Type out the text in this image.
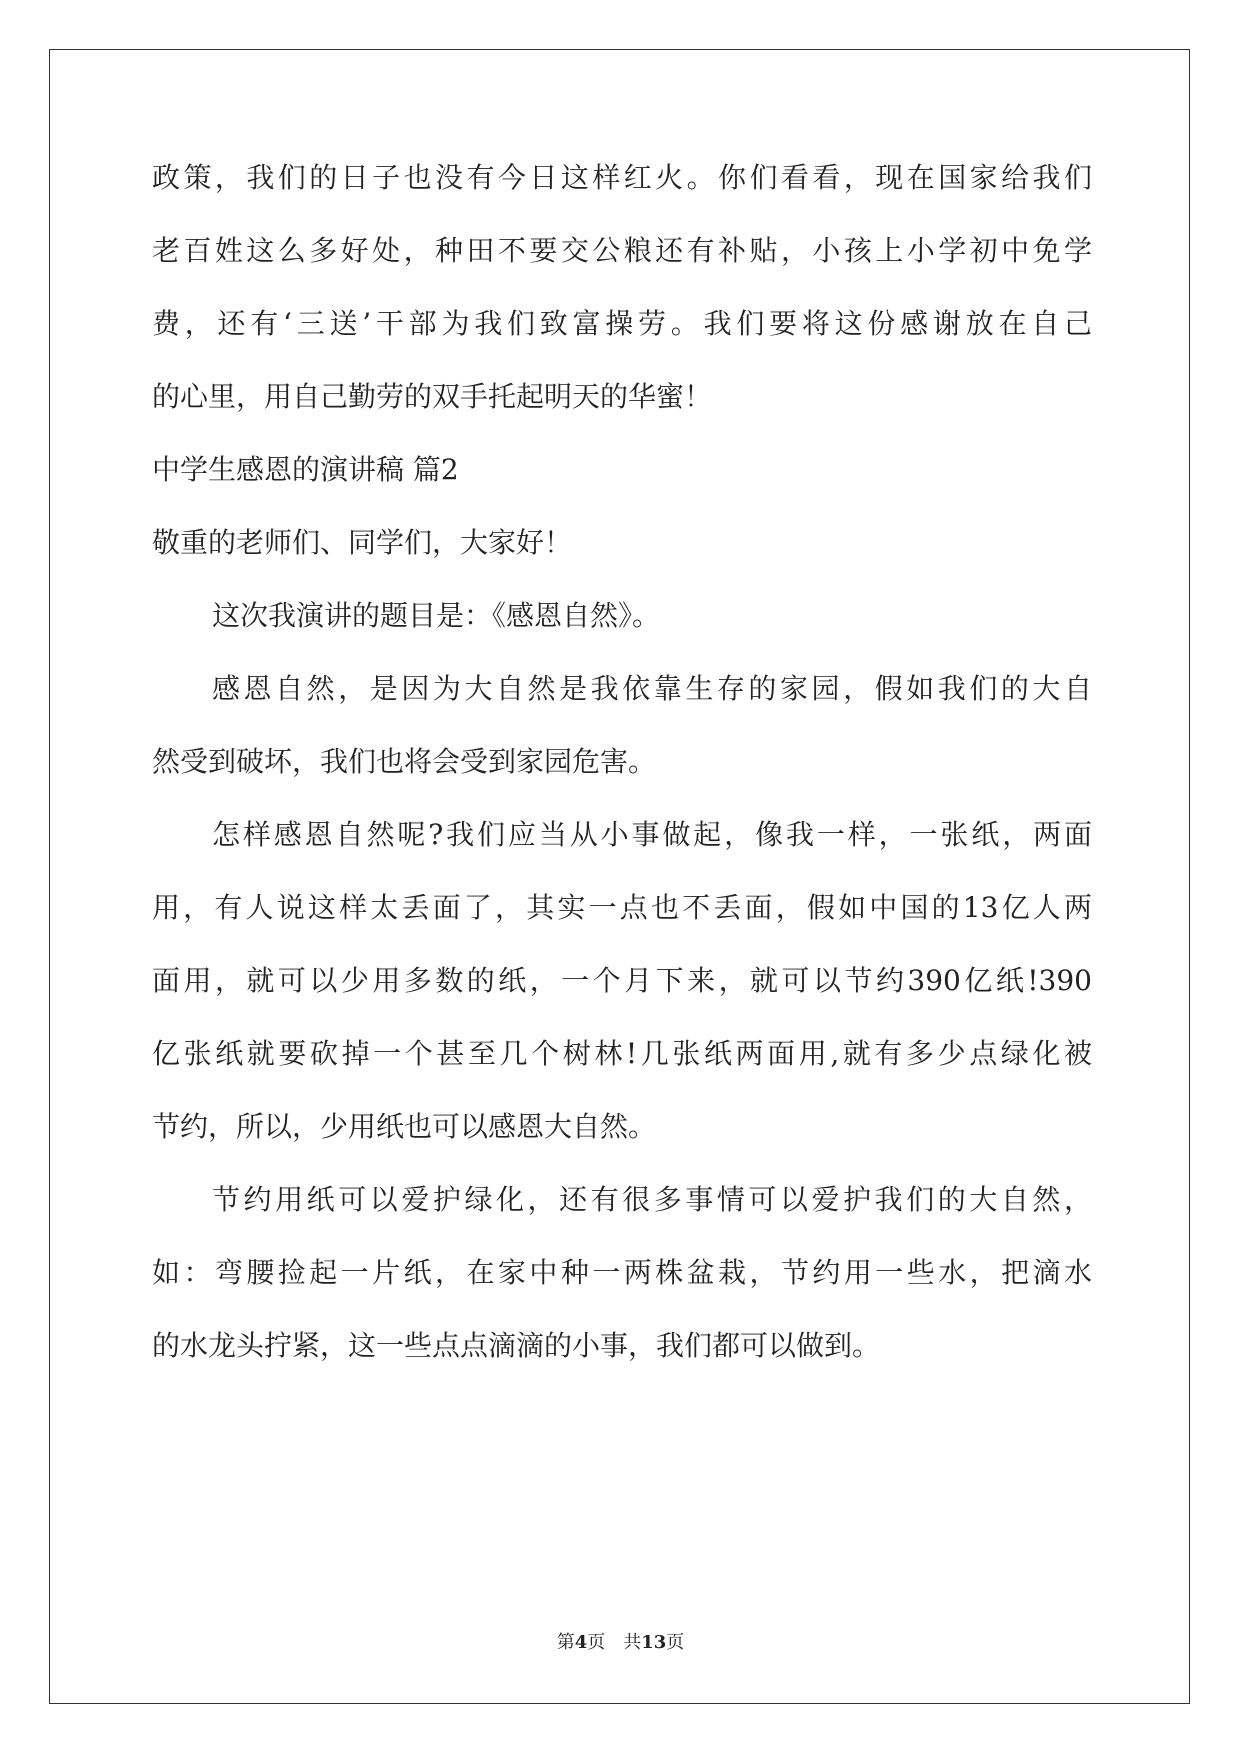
政策，我们的日子也没有今日这样红火。你们看看，现在国家给我们
老百姓这么多好处，种田不要交公粮还有补贴，小孩上小学初中免学
费，还有‘三送’干部为我们致富操劳。我们要将这份感谢放在自己
的心里，用自己勤劳的双手托起明天的华蜜！
中学生感恩的演讲稿 篇2
敬重的老师们、同学们，大家好！
这次我演讲的题目是：《感恩自然》。
感恩自然，是因为大自然是我依靠生存的家园，假如我们的大自
然受到破坏，我们也将会受到家园危害。
怎样感恩自然呢?我们应当从小事做起，像我一样，一张纸，两面
用，有人说这样太丢面了，其实一点也不丢面，假如中国的13亿人两
面用，就可以少用多数的纸，一个月下来，就可以节约390亿纸!390
亿张纸就要砍掉一个甚至几个树林!几张纸两面用,就有多少点绿化被
节约，所以，少用纸也可以感恩大自然。
节约用纸可以爱护绿化，还有很多事情可以爱护我们的大自然，
如：弯腰捡起一片纸，在家中种一两株盆栽，节约用一些水，把滴水
的水龙头拧紧，这一些点点滴滴的小事，我们都可以做到。
第4页　共13页
